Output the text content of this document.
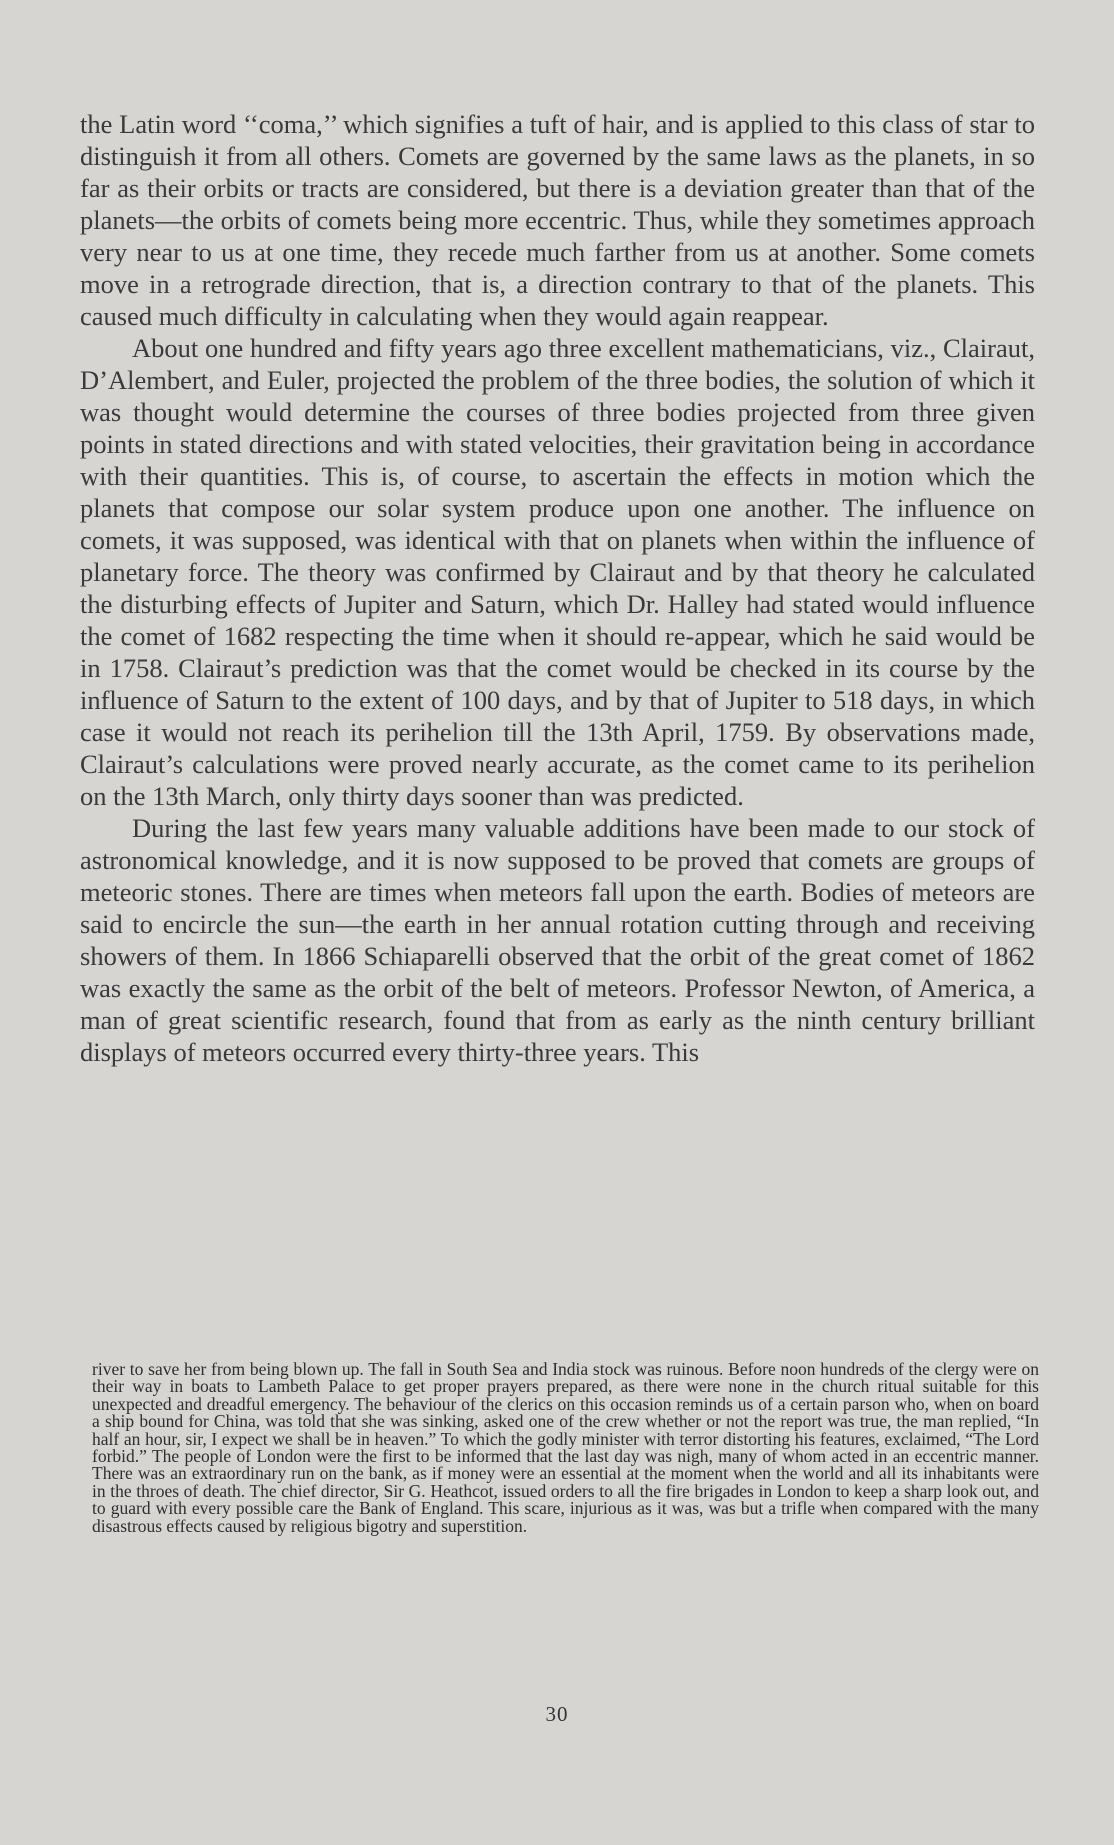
the Latin word ‘‘coma,’’ which signifies a tuft of hair, and is applied to this class of star to distinguish it from all others. Comets are governed by the same laws as the planets, in so far as their orbits or tracts are considered, but there is a deviation greater than that of the planets—the orbits of comets being more eccentric. Thus, while they sometimes approach very near to us at one time, they recede much farther from us at another. Some comets move in a retrograde direction, that is, a direction contrary to that of the planets. This caused much difficulty in calculating when they would again reappear.

About one hundred and fifty years ago three excellent mathematicians, viz., Clairaut, D’Alembert, and Euler, projected the problem of the three bodies, the solution of which it was thought would determine the courses of three bodies projected from three given points in stated directions and with stated velocities, their gravitation being in accordance with their quantities. This is, of course, to ascertain the effects in motion which the planets that compose our solar system produce upon one another. The influence on comets, it was supposed, was identical with that on planets when within the influence of planetary force. The theory was confirmed by Clairaut and by that theory he calculated the disturbing effects of Jupiter and Saturn, which Dr. Halley had stated would influence the comet of 1682 respecting the time when it should re-appear, which he said would be in 1758. Clairaut’s prediction was that the comet would be checked in its course by the influence of Saturn to the extent of 100 days, and by that of Jupiter to 518 days, in which case it would not reach its perihelion till the 13th April, 1759. By observations made, Clairaut’s calculations were proved nearly accurate, as the comet came to its perihelion on the 13th March, only thirty days sooner than was predicted.

During the last few years many valuable additions have been made to our stock of astronomical knowledge, and it is now supposed to be proved that comets are groups of meteoric stones. There are times when meteors fall upon the earth. Bodies of meteors are said to encircle the sun—the earth in her annual rotation cutting through and receiving showers of them. In 1866 Schiaparelli observed that the orbit of the great comet of 1862 was exactly the same as the orbit of the belt of meteors. Professor Newton, of America, a man of great scientific research, found that from as early as the ninth century brilliant displays of meteors occurred every thirty-three years. This

river to save her from being blown up. The fall in South Sea and India stock was ruinous. Before noon hundreds of the clergy were on their way in boats to Lambeth Palace to get proper prayers prepared, as there were none in the church ritual suitable for this unexpected and dreadful emergency. The behaviour of the clerics on this occasion reminds us of a certain parson who, when on board a ship bound for China, was told that she was sinking, asked one of the crew whether or not the report was true, the man replied, “In half an hour, sir, I expect we shall be in heaven.” To which the godly minister with terror distorting his features, exclaimed, “The Lord forbid.” The people of London were the first to be informed that the last day was nigh, many of whom acted in an eccentric manner. There was an extraordinary run on the bank, as if money were an essential at the moment when the world and all its inhabitants were in the throes of death. The chief director, Sir G. Heathcot, issued orders to all the fire brigades in London to keep a sharp look out, and to guard with every possible care the Bank of England. This scare, injurious as it was, was but a trifle when compared with the many disastrous effects caused by religious bigotry and superstition.

30
